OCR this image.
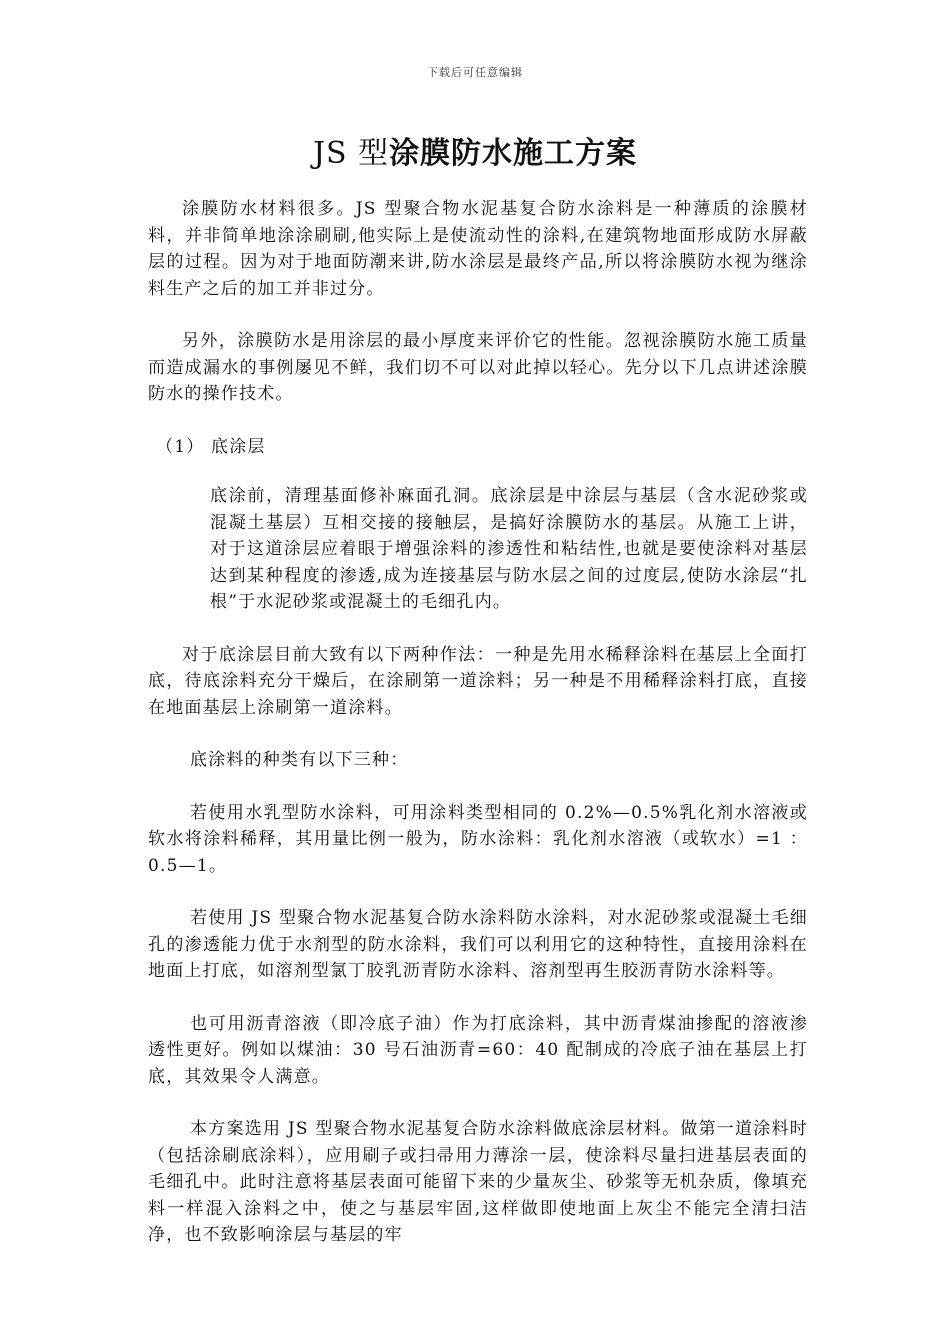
下载后可任意编辑
JS 型涂膜防水施工方案

涂膜防水材料很多。JS 型聚合物水泥基复合防水涂料是一种薄质的涂膜材料，并非简单地涂涂刷刷,他实际上是使流动性的涂料,在建筑物地面形成防水屏蔽层的过程。因为对于地面防潮来讲,防水涂层是最终产品,所以将涂膜防水视为继涂料生产之后的加工并非过分。

另外，涂膜防水是用涂层的最小厚度来评价它的性能。忽视涂膜防水施工质量而造成漏水的事例屡见不鲜，我们切不可以对此掉以轻心。先分以下几点讲述涂膜防水的操作技术。

（1） 底涂层

底涂前，清理基面修补麻面孔洞。底涂层是中涂层与基层（含水泥砂浆或混凝土基层）互相交接的接触层，是搞好涂膜防水的基层。从施工上讲，对于这道涂层应着眼于增强涂料的渗透性和粘结性,也就是要使涂料对基层达到某种程度的渗透,成为连接基层与防水层之间的过度层,使防水涂层“扎根”于水泥砂浆或混凝土的毛细孔内。

对于底涂层目前大致有以下两种作法：一种是先用水稀释涂料在基层上全面打底，待底涂料充分干燥后，在涂刷第一道涂料；另一种是不用稀释涂料打底，直接在地面基层上涂刷第一道涂料。

底涂料的种类有以下三种：

若使用水乳型防水涂料，可用涂料类型相同的 0.2%—0.5%乳化剂水溶液或软水将涂料稀释，其用量比例一般为，防水涂料：乳化剂水溶液（或软水）=1 ：0.5—1。

若使用 JS 型聚合物水泥基复合防水涂料防水涂料，对水泥砂浆或混凝土毛细孔的渗透能力优于水剂型的防水涂料，我们可以利用它的这种特性，直接用涂料在地面上打底，如溶剂型氯丁胶乳沥青防水涂料、溶剂型再生胶沥青防水涂料等。

也可用沥青溶液（即冷底子油）作为打底涂料，其中沥青煤油掺配的溶液渗透性更好。例如以煤油：30 号石油沥青=60：40 配制成的冷底子油在基层上打底，其效果令人满意。

本方案选用 JS 型聚合物水泥基复合防水涂料做底涂层材料。做第一道涂料时（包括涂刷底涂料），应用刷子或扫帚用力薄涂一层，使涂料尽量扫进基层表面的毛细孔中。此时注意将基层表面可能留下来的少量灰尘、砂浆等无机杂质，像填充料一样混入涂料之中，使之与基层牢固,这样做即使地面上灰尘不能完全清扫洁净，也不致影响涂层与基层的牢
